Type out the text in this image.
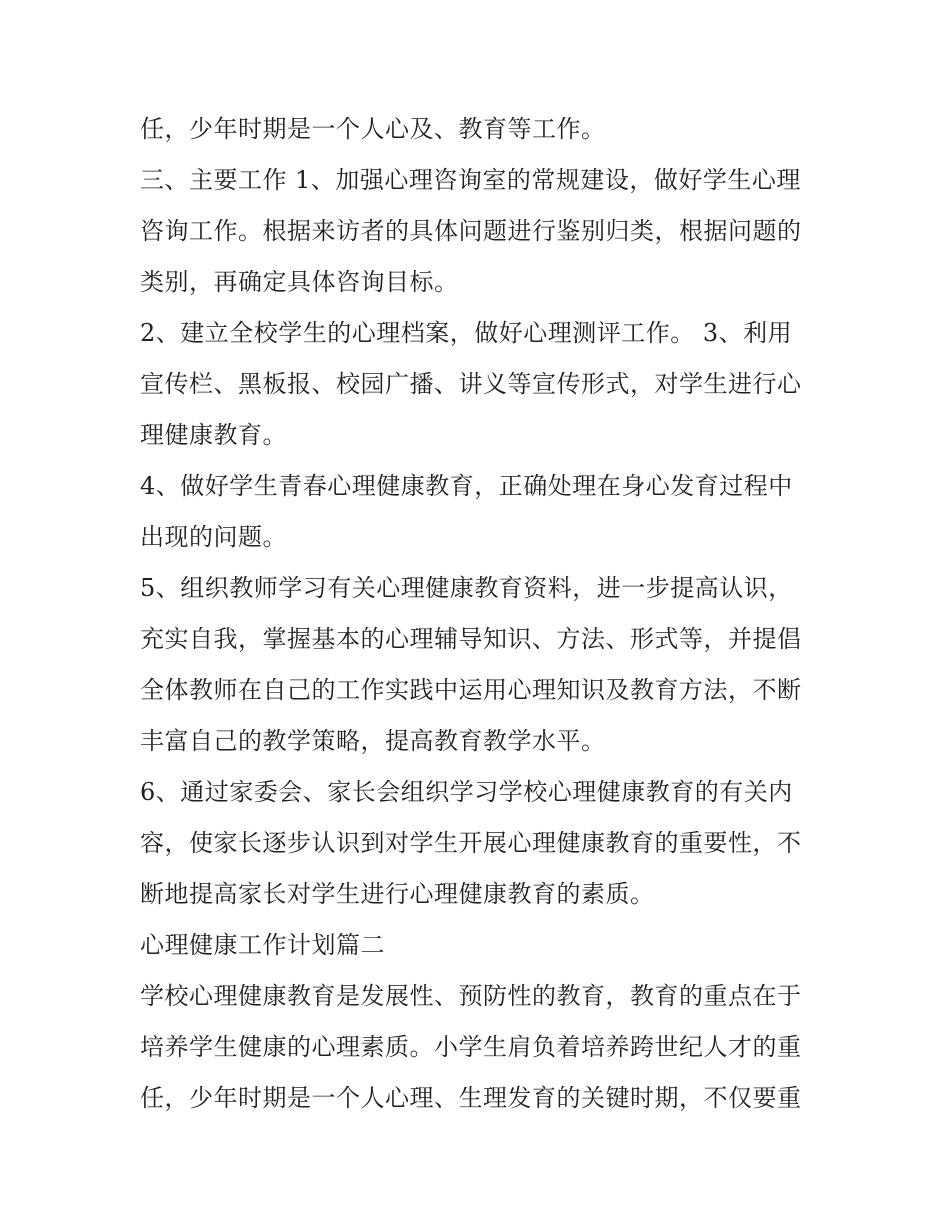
任，少年时期是一个人心及、教育等工作。
三、主要工作 1、加强心理咨询室的常规建设，做好学生心理
咨询工作。根据来访者的具体问题进行鉴别归类，根据问题的
类别，再确定具体咨询目标。
2、建立全校学生的心理档案，做好心理测评工作。 3、利用
宣传栏、黑板报、校园广播、讲义等宣传形式，对学生进行心
理健康教育。
4、做好学生青春心理健康教育，正确处理在身心发育过程中
出现的问题。
5、组织教师学习有关心理健康教育资料，进一步提高认识，
充实自我，掌握基本的心理辅导知识、方法、形式等，并提倡
全体教师在自己的工作实践中运用心理知识及教育方法，不断
丰富自己的教学策略，提高教育教学水平。
6、通过家委会、家长会组织学习学校心理健康教育的有关内
容，使家长逐步认识到对学生开展心理健康教育的重要性，不
断地提高家长对学生进行心理健康教育的素质。
心理健康工作计划篇二
学校心理健康教育是发展性、预防性的教育，教育的重点在于
培养学生健康的心理素质。小学生肩负着培养跨世纪人才的重
任，少年时期是一个人心理、生理发育的关键时期，不仅要重
